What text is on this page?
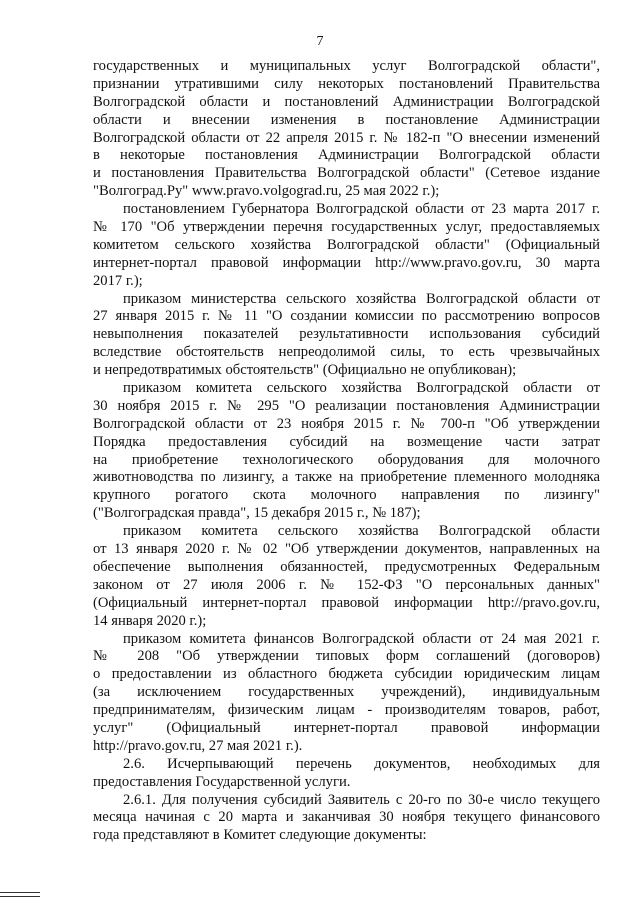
7
государственных и муниципальных услуг Волгоградской области",
признании утратившими силу некоторых постановлений Правительства
Волгоградской области и постановлений Администрации Волгоградской
области и внесении изменения в постановление Администрации
Волгоградской области от 22 апреля 2015 г. № 182-п "О внесении изменений
в некоторые постановления Администрации Волгоградской области
и постановления Правительства Волгоградской области" (Сетевое издание
"Волгоград.Ру" www.pravo.volgograd.ru, 25 мая 2022 г.);
постановлением Губернатора Волгоградской области от 23 марта 2017 г.
№ 170 "Об утверждении перечня государственных услуг, предоставляемых
комитетом сельского хозяйства Волгоградской области" (Официальный
интернет-портал правовой информации http://www.pravo.gov.ru, 30 марта
2017 г.);
приказом министерства сельского хозяйства Волгоградской области от
27 января 2015 г. № 11 "О создании комиссии по рассмотрению вопросов
невыполнения показателей результативности использования субсидий
вследствие обстоятельств непреодолимой силы, то есть чрезвычайных
и непредотвратимых обстоятельств" (Официально не опубликован);
приказом комитета сельского хозяйства Волгоградской области от
30 ноября 2015 г. № 295 "О реализации постановления Администрации
Волгоградской области от 23 ноября 2015 г. № 700-п "Об утверждении
Порядка предоставления субсидий на возмещение части затрат
на приобретение технологического оборудования для молочного
животноводства по лизингу, а также на приобретение племенного молодняка
крупного рогатого скота молочного направления по лизингу"
("Волгоградская правда", 15 декабря 2015 г., № 187);
приказом комитета сельского хозяйства Волгоградской области
от 13 января 2020 г. № 02 "Об утверждении документов, направленных на
обеспечение выполнения обязанностей, предусмотренных Федеральным
законом от 27 июля 2006 г. № 152-ФЗ "О персональных данных"
(Официальный интернет-портал правовой информации http://pravo.gov.ru,
14 января 2020 г.);
приказом комитета финансов Волгоградской области от 24 мая 2021 г.
№ 208 "Об утверждении типовых форм соглашений (договоров)
о предоставлении из областного бюджета субсидии юридическим лицам
(за исключением государственных учреждений), индивидуальным
предпринимателям, физическим лицам - производителям товаров, работ,
услуг" (Официальный интернет-портал правовой информации
http://pravo.gov.ru, 27 мая 2021 г.).
2.6. Исчерпывающий перечень документов, необходимых для
предоставления Государственной услуги.
2.6.1. Для получения субсидий Заявитель с 20-го по 30-е число текущего
месяца начиная с 20 марта и заканчивая 30 ноября текущего финансового
года представляют в Комитет следующие документы:
